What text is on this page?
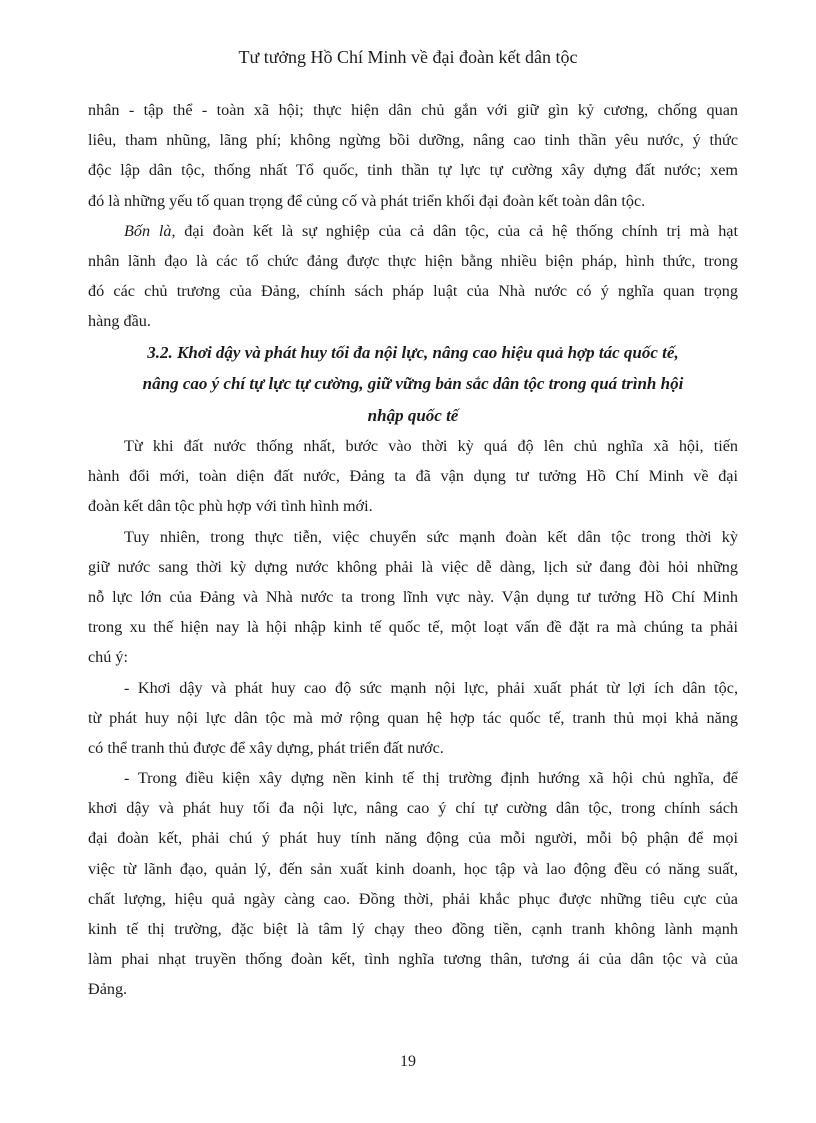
Tư tưởng Hồ Chí Minh về đại đoàn kết dân tộc
nhân - tập thể - toàn xã hội; thực hiện dân chủ gắn với giữ gìn kỷ cương, chống quan
liêu, tham nhũng, lãng phí; không ngừng bồi dưỡng, nâng cao tinh thần yêu nước, ý thức
độc lập dân tộc, thống nhất Tổ quốc, tinh thần tự lực tự cường xây dựng đất nước; xem
đó là những yếu tố quan trọng để củng cố và phát triển khối đại đoàn kết toàn dân tộc.
Bốn là, đại đoàn kết là sự nghiệp của cả dân tộc, của cả hệ thống chính trị mà hạt
nhân lãnh đạo là các tổ chức đảng được thực hiện bằng nhiều biện pháp, hình thức, trong
đó các chủ trương của Đảng, chính sách pháp luật của Nhà nước có ý nghĩa quan trọng
hàng đầu.
3.2. Khơi dậy và phát huy tối đa nội lực, nâng cao hiệu quả hợp tác quốc tế,
nâng cao ý chí tự lực tự cường, giữ vững bản sắc dân tộc trong quá trình hội
nhập quốc tế
Từ khi đất nước thống nhất, bước vào thời kỳ quá độ lên chủ nghĩa xã hội, tiến
hành đổi mới, toàn diện đất nước, Đảng ta đã vận dụng tư tưởng Hồ Chí Minh về đại
đoàn kết dân tộc phù hợp với tình hình mới.
Tuy nhiên, trong thực tiễn, việc chuyển sức mạnh đoàn kết dân tộc trong thời kỳ
giữ nước sang thời kỳ dựng nước không phải là việc dễ dàng, lịch sử đang đòi hỏi những
nỗ lực lớn của Đảng và Nhà nước ta trong lĩnh vực này. Vận dụng tư tưởng Hồ Chí Minh
trong xu thế hiện nay là hội nhập kinh tế quốc tế, một loạt vấn đề đặt ra mà chúng ta phải
chú ý:
- Khơi dậy và phát huy cao độ sức mạnh nội lực, phải xuất phát từ lợi ích dân tộc,
từ phát huy nội lực dân tộc mà mở rộng quan hệ hợp tác quốc tế, tranh thủ mọi khả năng
có thể tranh thủ được để xây dựng, phát triển đất nước.
- Trong điều kiện xây dựng nền kinh tế thị trường định hướng xã hội chủ nghĩa, để
khơi dậy và phát huy tối đa nội lực, nâng cao ý chí tự cường dân tộc, trong chính sách
đại đoàn kết, phải chú ý phát huy tính năng động của mỗi người, mỗi bộ phận để mọi
việc từ lãnh đạo, quản lý, đến sản xuất kinh doanh, học tập và lao động đều có năng suất,
chất lượng, hiệu quả ngày càng cao. Đồng thời, phải khắc phục được những tiêu cực của
kinh tế thị trường, đặc biệt là tâm lý chạy theo đồng tiền, cạnh tranh không lành mạnh
làm phai nhạt truyền thống đoàn kết, tình nghĩa tương thân, tương ái của dân tộc và của
Đảng.
19
